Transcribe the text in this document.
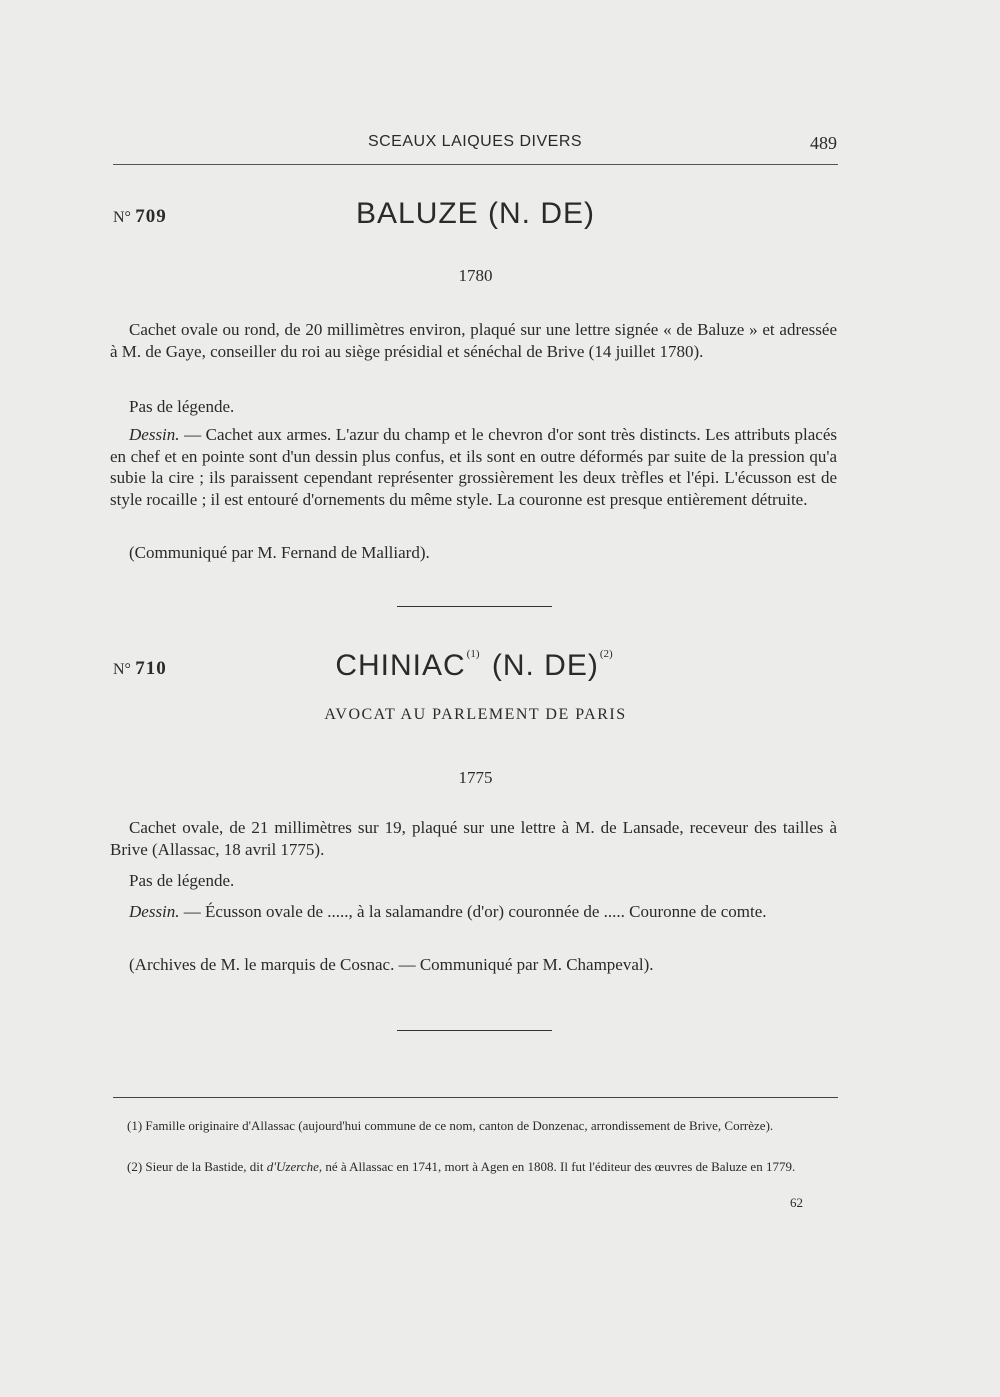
SCEAUX LAIQUES DIVERS	489
N° 709	BALUZE (N. DE)
1780

Cachet ovale ou rond, de 20 millimètres environ, plaqué sur une lettre signée « de Baluze » et adressée à M. de Gaye, conseiller du roi au siège présidial et sénéchal de Brive (14 juillet 1780).

Pas de légende.

Dessin. — Cachet aux armes. L'azur du champ et le chevron d'or sont très distincts. Les attributs placés en chef et en pointe sont d'un dessin plus confus, et ils sont en outre déformés par suite de la pression qu'a subie la cire ; ils paraissent cependant représenter grossièrement les deux trèfles et l'épi. L'écusson est de style rocaille ; il est entouré d'ornements du même style. La couronne est presque entièrement détruite.

(Communiqué par M. Fernand de Malliard).

N° 710	CHINIAC$^{(1)}$ (N. DE)$^{(2)}$
AVOCAT AU PARLEMENT DE PARIS
1775

Cachet ovale, de 21 millimètres sur 19, plaqué sur une lettre à M. de Lansade, receveur des tailles à Brive (Allassac, 18 avril 1775).

Pas de légende.

Dessin. — Écusson ovale de ....., à la salamandre (d'or) couronnée de ..... Couronne de comte.

(Archives de M. le marquis de Cosnac. — Communiqué par M. Champeval).

(1) Famille originaire d'Allassac (aujourd'hui commune de ce nom, canton de Donzenac, arrondissement de Brive, Corrèze).

(2) Sieur de la Bastide, dit d'Uzerche, né à Allassac en 1741, mort à Agen en 1808. Il fut l'éditeur des œuvres de Baluze en 1779.

62
